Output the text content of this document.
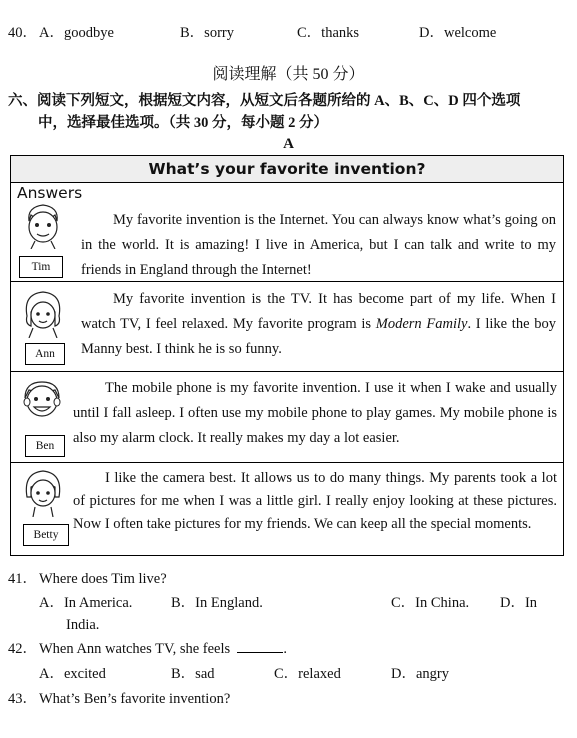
40． A．goodbye	B．sorry	C．thanks	D．welcome
阅读理解（共 50 分）
六、阅读下列短文，根据短文内容，从短文后各题所给的 A、B、C、D 四个选项
中，选择最佳选项。（共 30 分，每小题 2 分）
A
What’s your favorite invention?
Answers
Tim

My favorite invention is the Internet. You can always know what’s going on in the world. It is amazing! I live in America, but I can talk and write to my friends in England through the Internet!

Ann

My favorite invention is the TV. It has become part of my life. When I watch TV, I feel relaxed. My favorite program is Modern Family. I like the boy Manny best. I think he is so funny.

Ben

The mobile phone is my favorite invention. I use it when I wake and usually until I fall asleep. I often use my mobile phone to play games. My mobile phone is also my alarm clock. It really makes my day a lot easier.

Betty

I like the camera best. It allows us to do many things. My parents took a lot of pictures for me when I was a little girl. I really enjoy looking at these pictures. Now I often take pictures for my friends. We can keep all the special moments.

41． Where does Tim live?
A．In America.	B．In England.	C．In China. D．In
India.
42． When Ann watches TV, she feels	.
A．excited	B．sad	C．relaxed	D．angry
43． What’s Ben’s favorite invention?
